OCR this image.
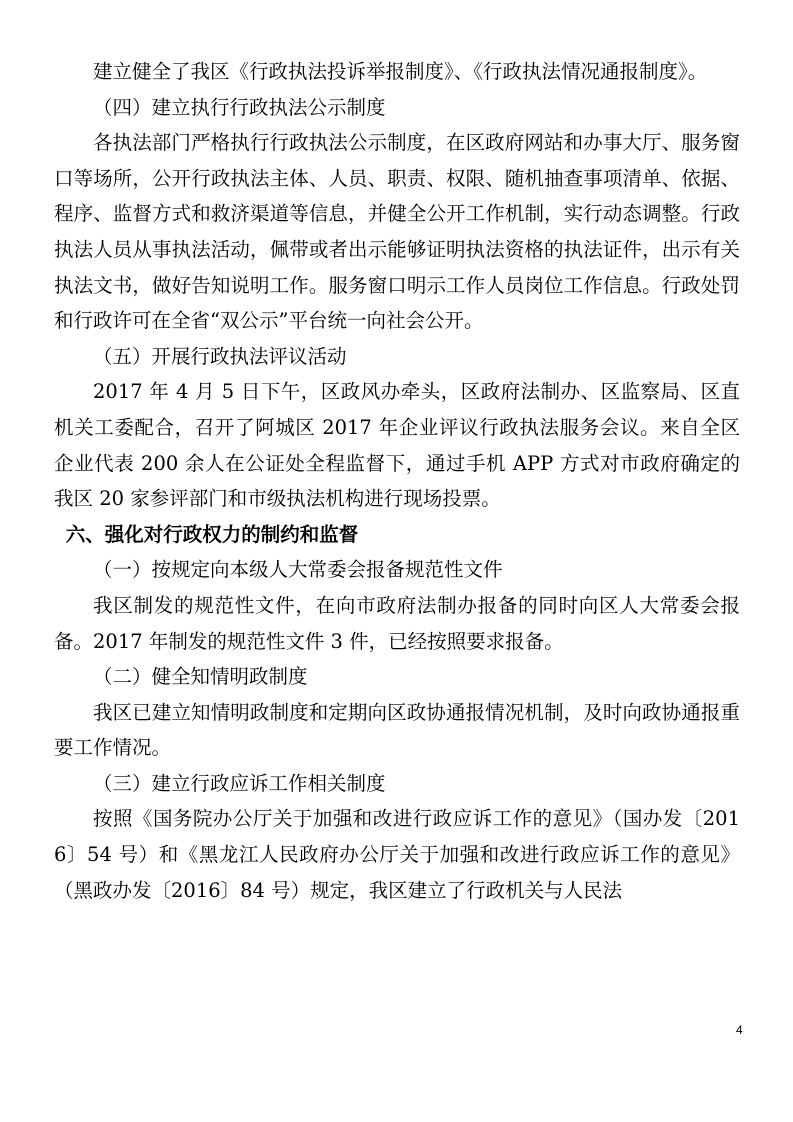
建立健全了我区《行政执法投诉举报制度》、《行政执法情况通报制度》。

（四）建立执行行政执法公示制度

各执法部门严格执行行政执法公示制度，在区政府网站和办事大厅、服务窗口等场所，公开行政执法主体、人员、职责、权限、随机抽查事项清单、依据、程序、监督方式和救济渠道等信息，并健全公开工作机制，实行动态调整。行政执法人员从事执法活动，佩带或者出示能够证明执法资格的执法证件，出示有关执法文书，做好告知说明工作。服务窗口明示工作人员岗位工作信息。行政处罚和行政许可在全省“双公示”平台统一向社会公开。

（五）开展行政执法评议活动

2017 年 4 月 5 日下午，区政风办牵头，区政府法制办、区监察局、区直机关工委配合，召开了阿城区 2017 年企业评议行政执法服务会议。来自全区企业代表 200 余人在公证处全程监督下，通过手机 APP 方式对市政府确定的我区 20 家参评部门和市级执法机构进行现场投票。

六、强化对行政权力的制约和监督

（一）按规定向本级人大常委会报备规范性文件

我区制发的规范性文件，在向市政府法制办报备的同时向区人大常委会报备。2017 年制发的规范性文件 3 件，已经按照要求报备。

（二）健全知情明政制度

我区已建立知情明政制度和定期向区政协通报情况机制，及时向政协通报重要工作情况。

（三）建立行政应诉工作相关制度

按照《国务院办公厅关于加强和改进行政应诉工作的意见》（国办发〔2016〕54 号）和《黑龙江人民政府办公厅关于加强和改进行政应诉工作的意见》（黑政办发〔2016〕84 号）规定，我区建立了行政机关与人民法

4
